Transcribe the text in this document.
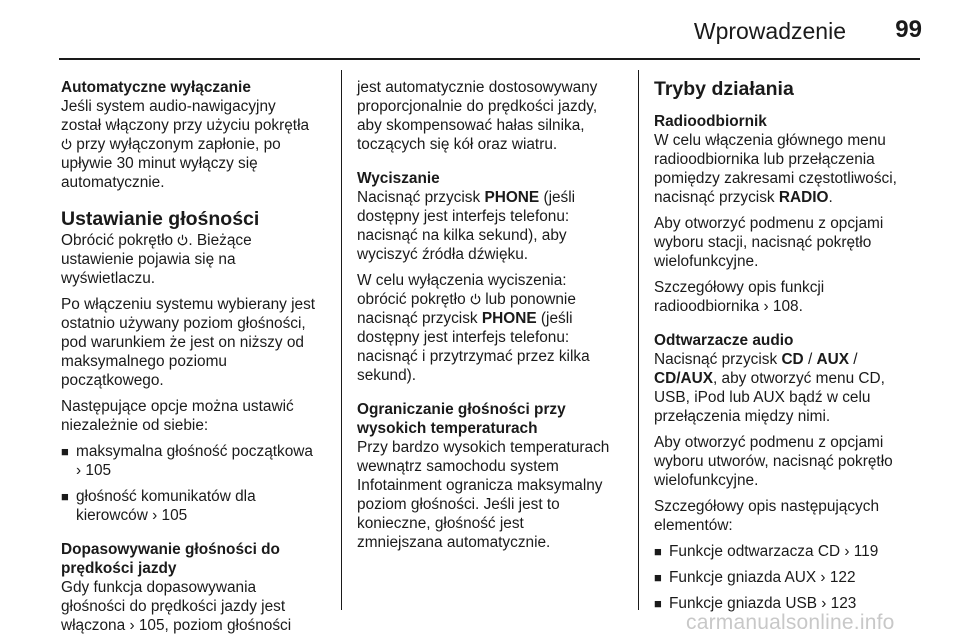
Wprowadzenie	99
Automatyczne wyłączanie
Jeśli system audio-nawigacyjny
został włączony przy użyciu pokrętła
przy wyłączonym zapłonie, po
upływie 30 minut wyłączy się
automatycznie.
Ustawianie głośności
Obrócić pokrętło . Bieżące
ustawienie pojawia się na
wyświetlaczu.
Po włączeniu systemu wybierany jest
ostatnio używany poziom głośności,
pod warunkiem że jest on niższy od
maksymalnego poziomu
początkowego.
Następujące opcje można ustawić
niezależnie od siebie:
■ maksymalna głośność początkowa
› 105
■ głośność komunikatów dla
kierowców › 105
Dopasowywanie głośności do
prędkości jazdy
Gdy funkcja dopasowywania
głośności do prędkości jazdy jest
włączona › 105, poziom głośności
jest automatycznie dostosowywany
proporcjonalnie do prędkości jazdy,
aby skompensować hałas silnika,
toczących się kół oraz wiatru.
Wyciszanie
Nacisnąć przycisk PHONE (jeśli
dostępny jest interfejs telefonu:
nacisnąć na kilka sekund), aby
wyciszyć źródła dźwięku.
W celu wyłączenia wyciszenia:
obrócić pokrętło  lub ponownie
nacisnąć przycisk PHONE (jeśli
dostępny jest interfejs telefonu:
nacisnąć i przytrzymać przez kilka
sekund).
Ograniczanie głośności przy
wysokich temperaturach
Przy bardzo wysokich temperaturach
wewnątrz samochodu system
Infotainment ogranicza maksymalny
poziom głośności. Jeśli jest to
konieczne, głośność jest
zmniejszana automatycznie.
Tryby działania
Radioodbiornik
W celu włączenia głównego menu
radioodbiornika lub przełączenia
pomiędzy zakresami częstotliwości,
nacisnąć przycisk RADIO.
Aby otworzyć podmenu z opcjami
wyboru stacji, nacisnąć pokrętło
wielofunkcyjne.
Szczegółowy opis funkcji
radioodbiornika › 108.
Odtwarzacze audio
Nacisnąć przycisk CD / AUX /
CD/AUX, aby otworzyć menu CD,
USB, iPod lub AUX bądź w celu
przełączenia między nimi.
Aby otworzyć podmenu z opcjami
wyboru utworów, nacisnąć pokrętło
wielofunkcyjne.
Szczegółowy opis następujących
elementów:
■ Funkcje odtwarzacza CD › 119
■ Funkcje gniazda AUX › 122
■ Funkcje gniazda USB › 123
carmanualsonline.info
